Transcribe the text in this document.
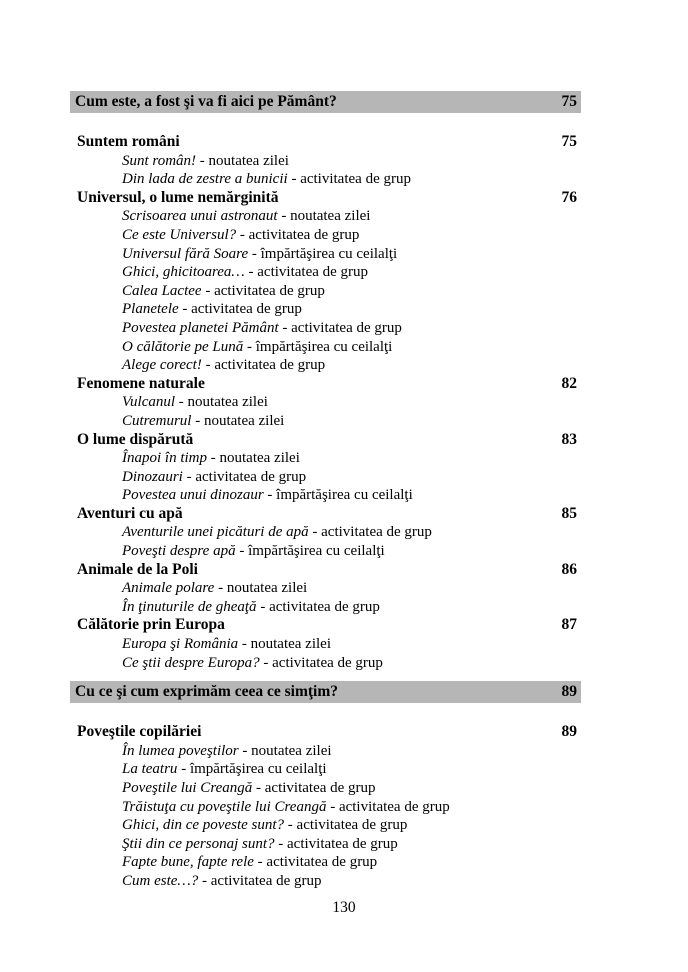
Cum este, a fost şi va fi aici pe Pământ?	75
Suntem români	75
Sunt român! - noutatea zilei
Din lada de zestre a bunicii - activitatea de grup
Universul, o lume nemărginită	76
Scrisoarea unui astronaut - noutatea zilei
Ce este Universul? - activitatea de grup
Universul fără Soare - împărtăşirea cu ceilalţi
Ghici, ghicitoarea… - activitatea de grup
Calea Lactee - activitatea de grup
Planetele - activitatea de grup
Povestea planetei Pământ - activitatea de grup
O călătorie pe Lună - împărtăşirea cu ceilalţi
Alege corect! - activitatea de grup
Fenomene naturale	82
Vulcanul - noutatea zilei
Cutremurul - noutatea zilei
O lume dispărută	83
Înapoi în timp - noutatea zilei
Dinozauri - activitatea de grup
Povestea unui dinozaur - împărtăşirea cu ceilalţi
Aventuri cu apă	85
Aventurile unei picături de apă - activitatea de grup
Poveşti despre apă - împărtăşirea cu ceilalţi
Animale de la Poli	86
Animale polare - noutatea zilei
În ţinuturile de gheaţă - activitatea de grup
Călătorie prin Europa	87
Europa şi România - noutatea zilei
Ce ştii despre Europa? - activitatea de grup
Cu ce şi cum exprimăm ceea ce simţim?	89
Poveştile copilăriei	89
În lumea poveştilor - noutatea zilei
La teatru - împărtăşirea cu ceilalţi
Poveştile lui Creangă - activitatea de grup
Trăistuţa cu poveştile lui Creangă - activitatea de grup
Ghici, din ce poveste sunt? - activitatea de grup
Ştii din ce personaj sunt? - activitatea de grup
Fapte bune, fapte rele - activitatea de grup
Cum este…? - activitatea de grup
130
